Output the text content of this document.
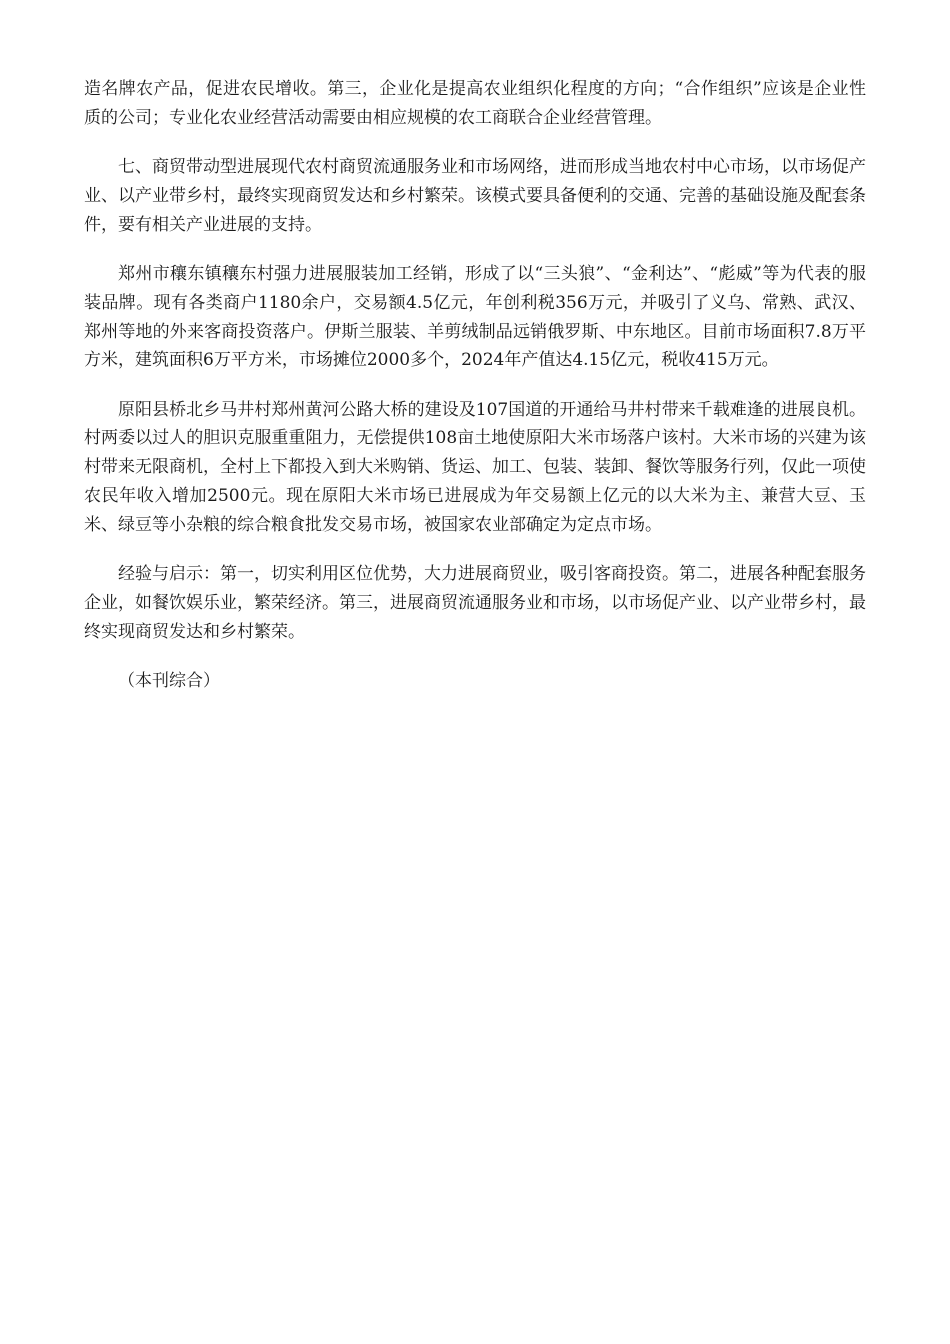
造名牌农产品，促进农民增收。第三，企业化是提高农业组织化程度的方向；“合作组织”应该是企业性质的公司；专业化农业经营活动需要由相应规模的农工商联合企业经营管理。

七、商贸带动型进展现代农村商贸流通服务业和市场网络，进而形成当地农村中心市场，以市场促产业、以产业带乡村，最终实现商贸发达和乡村繁荣。该模式要具备便利的交通、完善的基础设施及配套条件，要有相关产业进展的支持。

郑州市穰东镇穰东村强力进展服装加工经销，形成了以“三头狼”、“金利达”、“彪威”等为代表的服装品牌。现有各类商户1180余户，交易额4.5亿元，年创利税356万元，并吸引了义乌、常熟、武汉、郑州等地的外来客商投资落户。伊斯兰服装、羊剪绒制品远销俄罗斯、中东地区。目前市场面积7.8万平方米，建筑面积6万平方米，市场摊位2000多个，2024年产值达4.15亿元，税收415万元。

原阳县桥北乡马井村郑州黄河公路大桥的建设及107国道的开通给马井村带来千载难逢的进展良机。村两委以过人的胆识克服重重阻力，无偿提供108亩土地使原阳大米市场落户该村。大米市场的兴建为该村带来无限商机，全村上下都投入到大米购销、货运、加工、包装、装卸、餐饮等服务行列，仅此一项使农民年收入增加2500元。现在原阳大米市场已进展成为年交易额上亿元的以大米为主、兼营大豆、玉米、绿豆等小杂粮的综合粮食批发交易市场，被国家农业部确定为定点市场。

经验与启示：第一，切实利用区位优势，大力进展商贸业，吸引客商投资。第二，进展各种配套服务企业，如餐饮娱乐业，繁荣经济。第三，进展商贸流通服务业和市场，以市场促产业、以产业带乡村，最终实现商贸发达和乡村繁荣。

（本刊综合）
